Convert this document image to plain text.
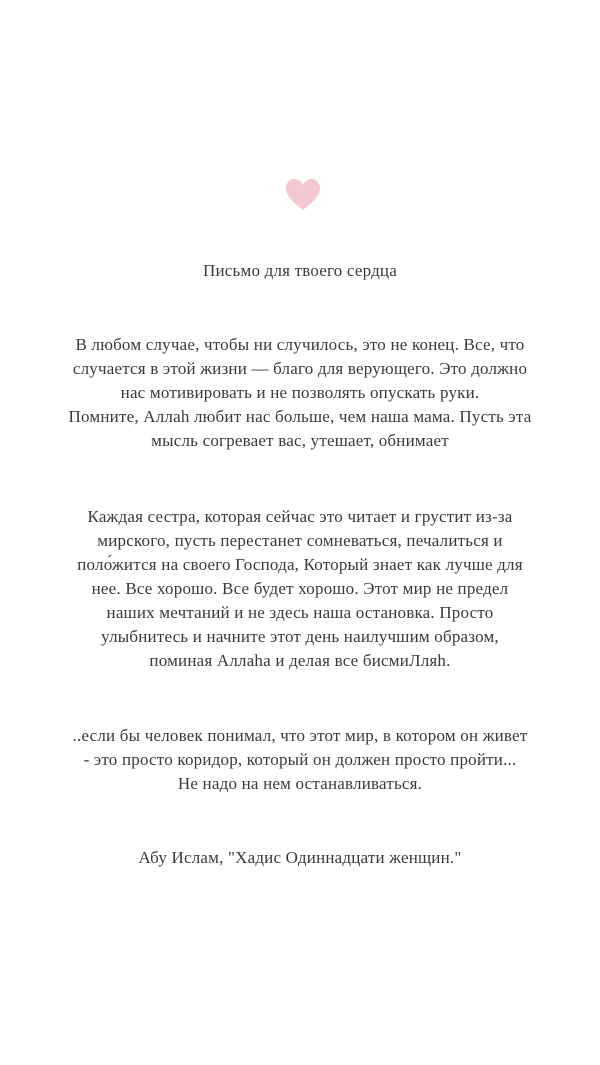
Письмо для твоего сердца

В любом случае, чтобы ни случилось, это не конец. Все, что
случается в этой жизни — благо для верующего. Это должно
нас мотивировать и не позволять опускать руки.
Помните, Аллаh любит нас больше, чем наша мама. Пусть эта
мысль согревает вас, утешает, обнимает

Каждая сестра, которая сейчас это читает и грустит из-за
мирского, пусть перестанет сомневаться, печалиться и
поло́жится на своего Господа, Который знает как лучше для
нее. Все хорошо. Все будет хорошо. Этот мир не предел
наших мечтаний и не здесь наша остановка. Просто
улыбнитесь и начните этот день наилучшим образом,
поминая Аллаhа и делая все бисмиЛляh.

..если бы человек понимал, что этот мир, в котором он живет
- это просто коридор, который он должен просто пройти...
Не надо на нем останавливаться.

Абу Ислам, "Хадис Одиннадцати женщин."
